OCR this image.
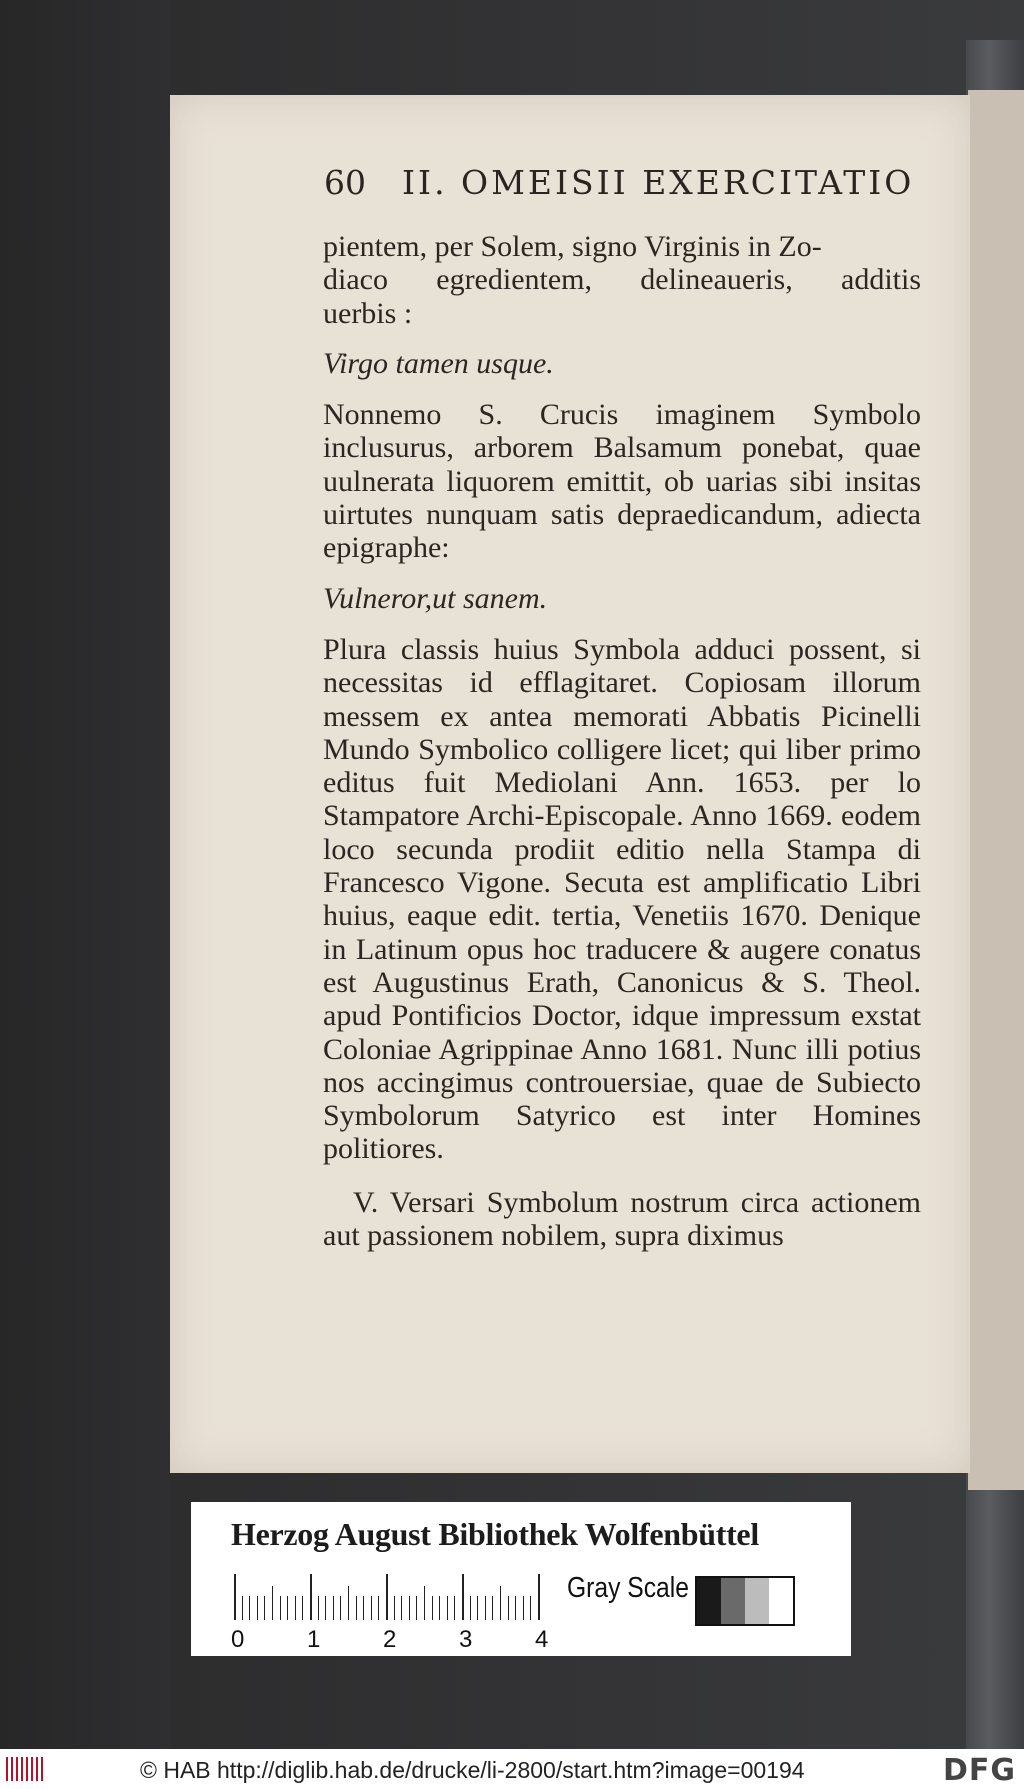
60 II. OMEISII EXERCITATIO

pientem, per Solem, signo Virginis in Zo-

diaco egredientem, delineaueris, additis

uerbis :

Virgo tamen usque.

Nonnemo S. Crucis imaginem Symbolo inclusurus, arborem Balsamum ponebat, quae uulnerata liquorem emittit, ob uarias sibi insitas uirtutes nunquam satis depraedicandum, adiecta epigraphe:

Vulneror,ut sanem.

Plura classis huius Symbola adduci possent, si necessitas id efflagitaret. Copiosam illorum messem ex antea memorati Abbatis Picinelli Mundo Symbolico colligere licet; qui liber primo editus fuit Mediolani Ann. 1653. per lo Stampatore Archi-Episcopale. Anno 1669. eodem loco secunda prodiit editio nella Stampa di Francesco Vigone. Secuta est amplificatio Libri huius, eaque edit. tertia, Venetiis 1670. Denique in Latinum opus hoc traducere & augere conatus est Augustinus Erath, Canonicus & S. Theol. apud Pontificios Doctor, idque impressum exstat Coloniae Agrippinae Anno 1681. Nunc illi potius nos accingimus controuersiae, quae de Subiecto Symbolorum Satyrico est inter Homines politiores.

V. Versari Symbolum nostrum circa actionem aut passionem nobilem, supra diximus

Herzog August Bibliothek Wolfenbüttel
0	1	2	3	4
Gray Scale
© HAB http://diglib.hab.de/drucke/li-2800/start.htm?image=00194	DFG
